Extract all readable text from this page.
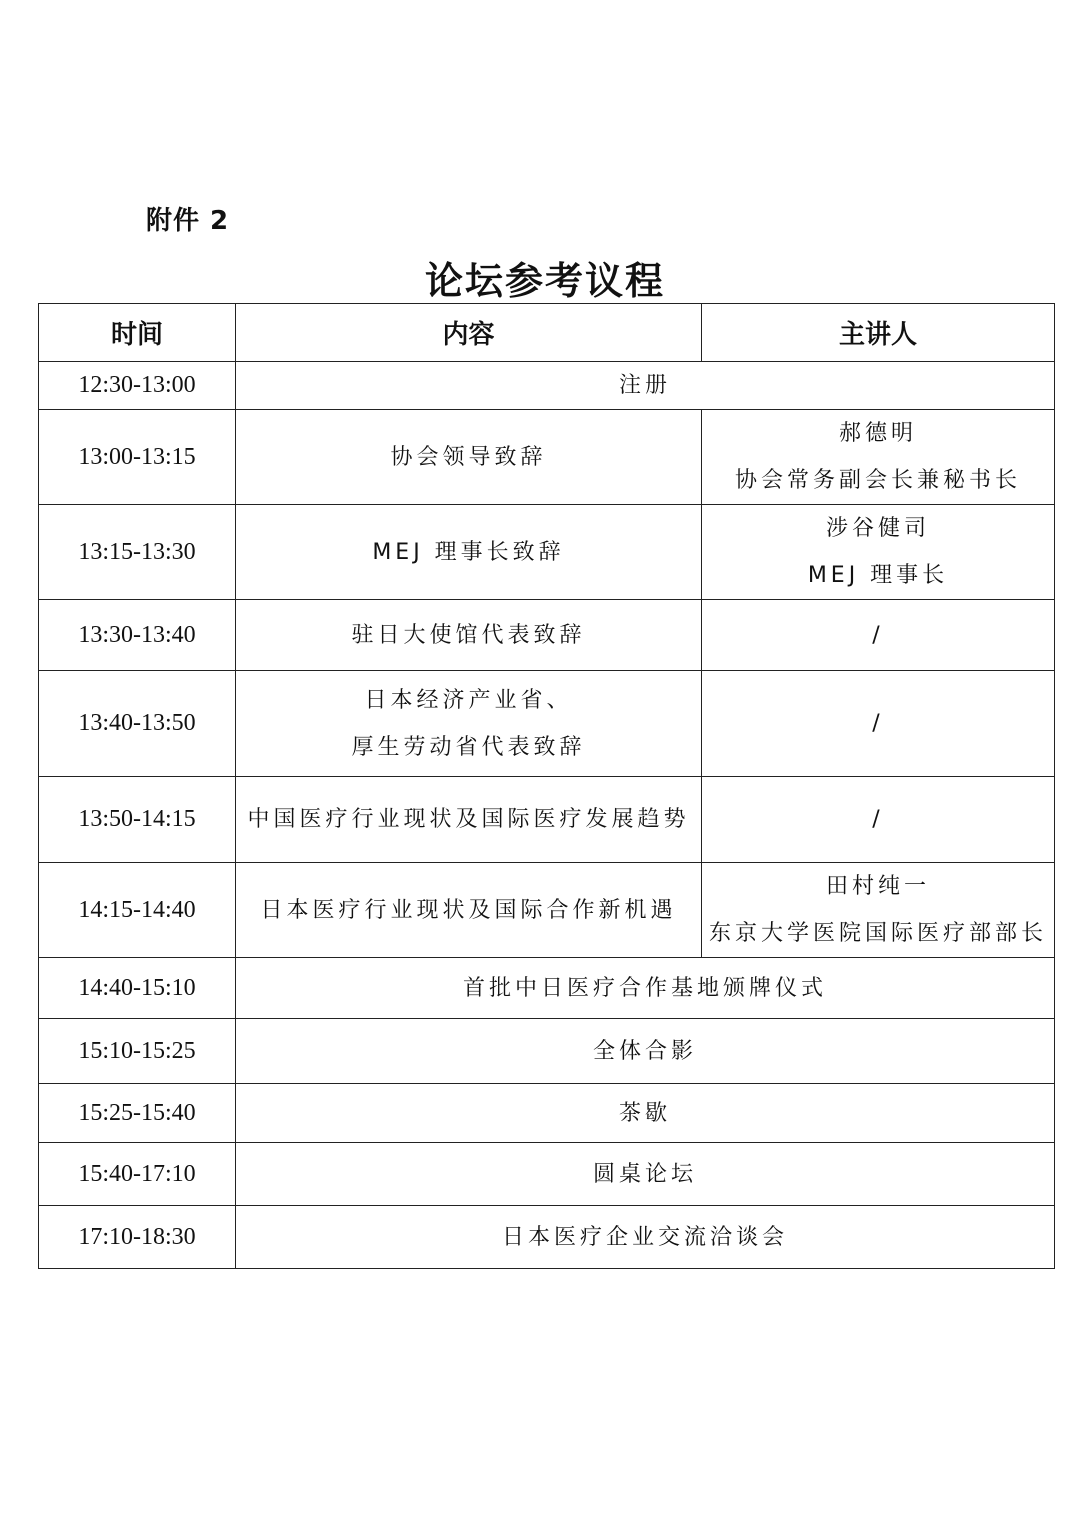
附件 2
论坛参考议程
时间	内容	主讲人
12:30-13:00	注册	

13:00-13:15	协会领导致辞	郝德明
协会常务副会长兼秘书长

13:15-13:30	MEJ 理事长致辞	涉谷健司
MEJ 理事长

13:30-13:40	驻日大使馆代表致辞	/

13:40-13:50	日本经济产业省、
厚生劳动省代表致辞	/

13:50-14:15	中国医疗行业现状及国际医疗发展趋势	/

14:15-14:40	日本医疗行业现状及国际合作新机遇	田村纯一
东京大学医院国际医疗部部长

14:40-15:10	首批中日医疗合作基地颁牌仪式	

15:10-15:25	全体合影	

15:25-15:40	茶歇	

15:40-17:10	圆桌论坛	

17:10-18:30	日本医疗企业交流洽谈会	
